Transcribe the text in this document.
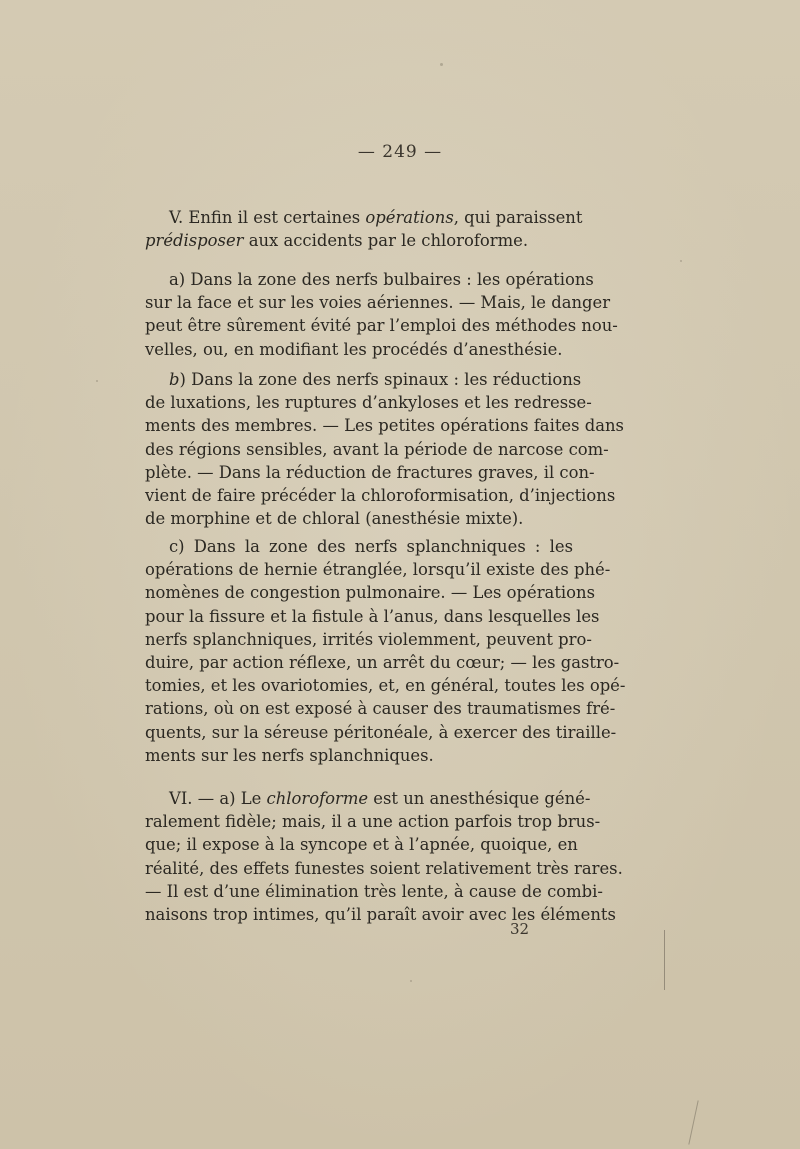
— 249 —
V. Enfin il est certaines opérations, qui paraissent
prédisposer aux accidents par le chloroforme.
a) Dans la zone des nerfs bulbaires : les opérations
sur la face et sur les voies aériennes. — Mais, le danger
peut être sûrement évité par l’emploi des méthodes nou-
velles, ou, en modifiant les procédés d’anesthésie.
b) Dans la zone des nerfs spinaux : les réductions
de luxations, les ruptures d’ankyloses et les redresse-
ments des membres. — Les petites opérations faites dans
des régions sensibles, avant la période de narcose com-
plète. — Dans la réduction de fractures graves, il con-
vient de faire précéder la chloroformisation, d’injections
de morphine et de chloral (anesthésie mixte).
c) Dans la zone des nerfs splanchniques : les
opérations de hernie étranglée, lorsqu’il existe des phé-
nomènes de congestion pulmonaire. — Les opérations
pour la fissure et la fistule à l’anus, dans lesquelles les
nerfs splanchniques, irrités violemment, peuvent pro-
duire, par action réflexe, un arrêt du cœur; — les gastro-
tomies, et les ovariotomies, et, en général, toutes les opé-
rations, où on est exposé à causer des traumatismes fré-
quents, sur la séreuse péritonéale, à exercer des tiraille-
ments sur les nerfs splanchniques.
VI. — a) Le chloroforme est un anesthésique géné-
ralement fidèle; mais, il a une action parfois trop brus-
que; il expose à la syncope et à l’apnée, quoique, en
réalité, des effets funestes soient relativement très rares.
— Il est d’une élimination très lente, à cause de combi-
naisons trop intimes, qu’il paraît avoir avec les éléments
32
